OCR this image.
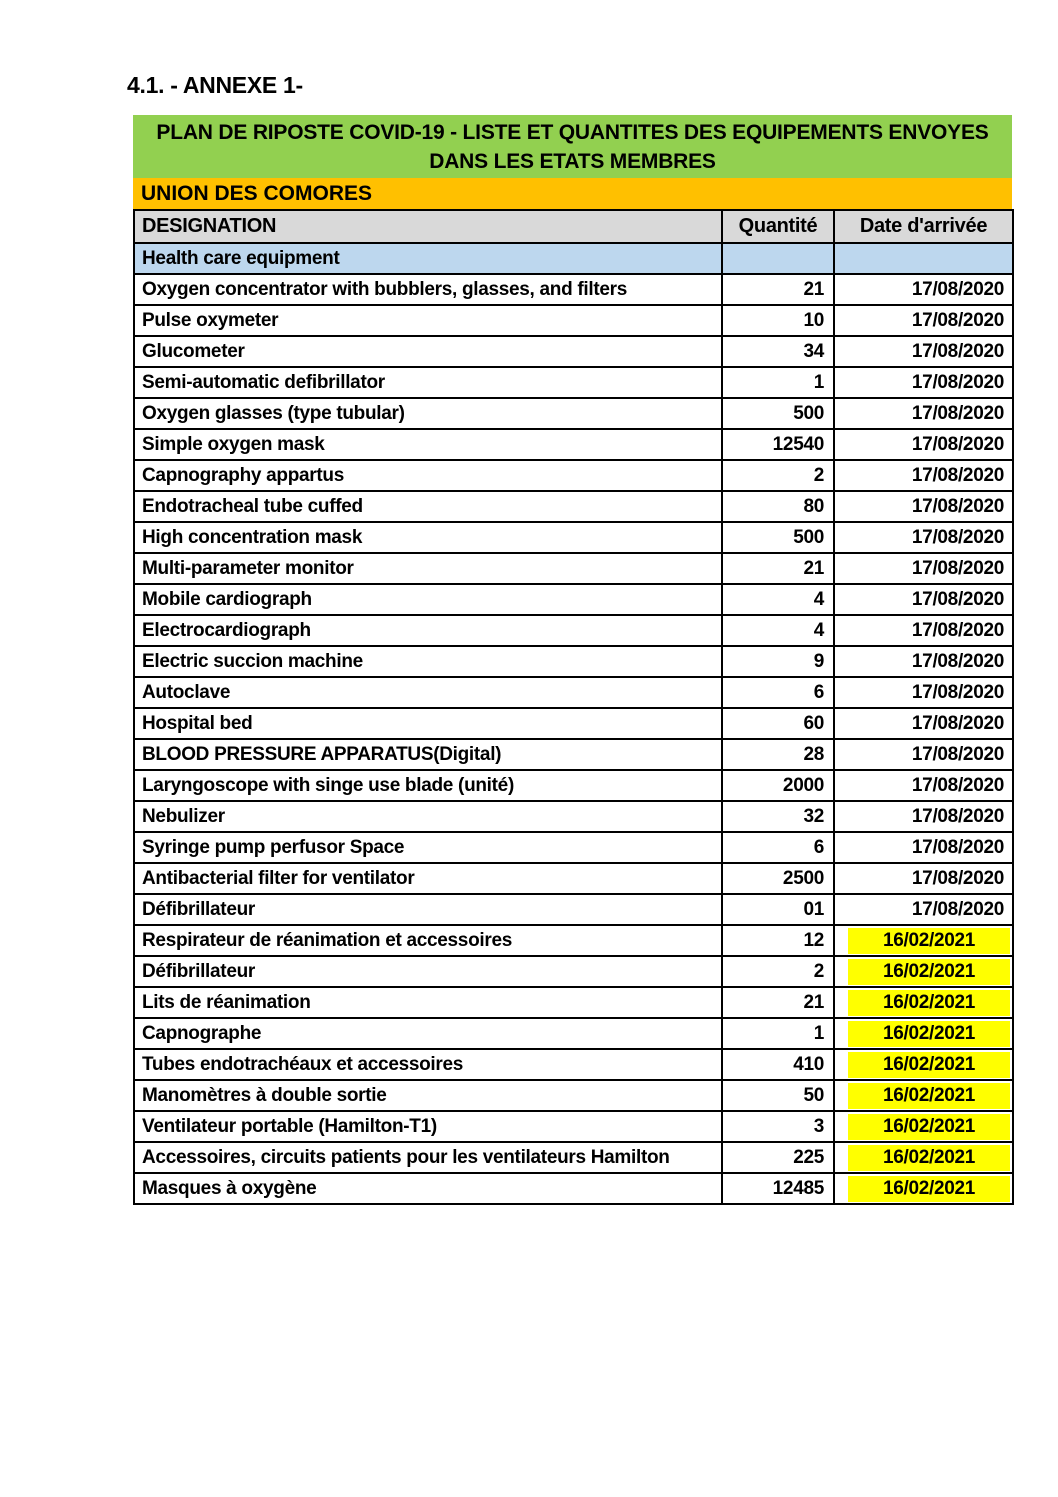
4.1. - ANNEXE 1-
PLAN DE RIPOSTE COVID-19 - LISTE ET QUANTITES DES EQUIPEMENTS ENVOYES
DANS LES ETATS MEMBRES
UNION DES COMORES
DESIGNATION	Quantité	Date d'arrivée
Health care equipment		
Oxygen concentrator with bubblers, glasses, and filters	21	17/08/2020

Pulse oxymeter	10	17/08/2020

Glucometer	34	17/08/2020

Semi-automatic defibrillator	1	17/08/2020

Oxygen glasses (type tubular)	500	17/08/2020

Simple oxygen mask	12540	17/08/2020

Capnography appartus	2	17/08/2020

Endotracheal tube cuffed	80	17/08/2020

High concentration mask	500	17/08/2020

Multi-parameter monitor	21	17/08/2020

Mobile cardiograph	4	17/08/2020

Electrocardiograph	4	17/08/2020

Electric succion machine	9	17/08/2020

Autoclave	6	17/08/2020

Hospital bed	60	17/08/2020

BLOOD PRESSURE APPARATUS(Digital)	28	17/08/2020

Laryngoscope with singe use blade (unité)	2000	17/08/2020

Nebulizer	32	17/08/2020

Syringe pump perfusor Space	6	17/08/2020

Antibacterial filter for ventilator	2500	17/08/2020

Défibrillateur	01	17/08/2020

Respirateur de réanimation et accessoires	12	16/02/2021

Défibrillateur	2	16/02/2021

Lits de réanimation	21	16/02/2021

Capnographe	1	16/02/2021

Tubes endotrachéaux et accessoires	410	16/02/2021

Manomètres à double sortie	50	16/02/2021

Ventilateur portable (Hamilton-T1)	3	16/02/2021

Accessoires, circuits patients pour les ventilateurs Hamilton	225	16/02/2021

Masques à oxygène	12485	16/02/2021
